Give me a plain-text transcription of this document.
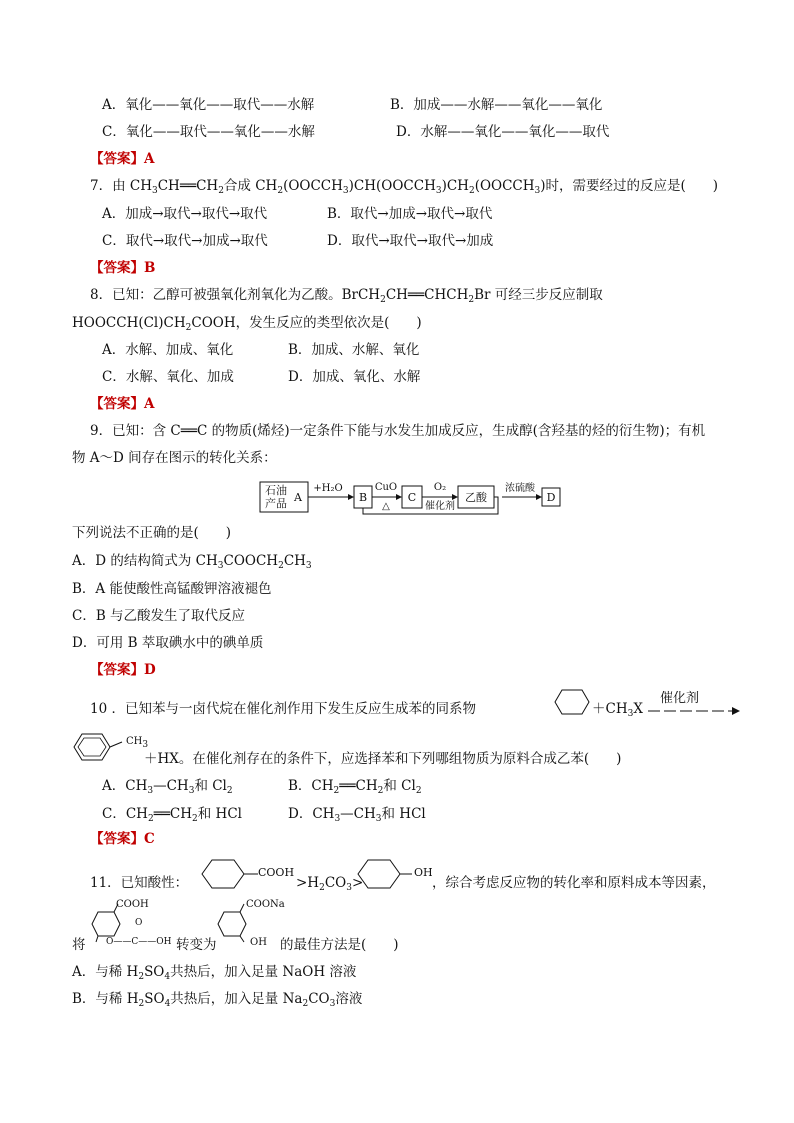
A．氧化——氧化——取代——水解	B．加成——水解——氧化——氧化
C．氧化——取代——氧化——水解	D．水解——氧化——氧化——取代
【答案】A
7．由 $CH_3CH══CH_2$合成 $CH_2(OOCCH_3)CH(OOCCH_3)CH_2(OOCCH_3)$时，需要经过的反应是(　　)
A．加成→取代→取代→取代	B．取代→加成→取代→取代
C．取代→取代→加成→取代	D．取代→取代→取代→加成
【答案】B
8．已知：乙醇可被强氧化剂氧化为乙酸。$BrCH_2CH══CHCH_2Br$ 可经三步反应制取
$HOOCCH(Cl)CH_2COOH$，发生反应的类型依次是(　　)
A．水解、加成、氧化	B．加成、水解、氧化
C．水解、氧化、加成	D．加成、氧化、水解
【答案】A
9．已知：含 C══C 的物质(烯烃)一定条件下能与水发生加成反应，生成醇(含羟基的烃的衍生物)；有机
物 A～D 间存在图示的转化关系：
石油
产品 A
+H₂O
B
CuO
△
C
O₂
催化剂
乙酸
浓硫酸
D
下列说法不正确的是(　　)
A．D 的结构简式为 $CH_3COOCH_2CH_3$
B．A 能使酸性高锰酸钾溶液褪色
C．B 与乙酸发生了取代反应
D．可用 B 萃取碘水中的碘单质
【答案】D
10 ．已知苯与一卤代烷在催化剂作用下发生反应生成苯的同系物	$+CH_3X$
催化剂
$CH_3$
＋HX。在催化剂存在的条件下，应选择苯和下列哪组物质为原料合成乙苯(　　)
A．$CH_3—CH_3$和 $Cl_2$	B．$CH_2══CH_2$和 $Cl_2$
C．$CH_2══CH_2$和 HCl	D．$CH_3—CH_3$和 HCl
【答案】C
11．已知酸性：
COOH
$>H_2CO_3>$
OH
，综合考虑反应物的转化率和原料成本等因素，
将
COOH
O
O——C——OH 转变为
COONa
OH 的最佳方法是(　　)
A．与稀 $H_2SO_4$共热后，加入足量 NaOH 溶液
B．与稀 $H_2SO_4$共热后，加入足量 $Na_2CO_3$溶液
